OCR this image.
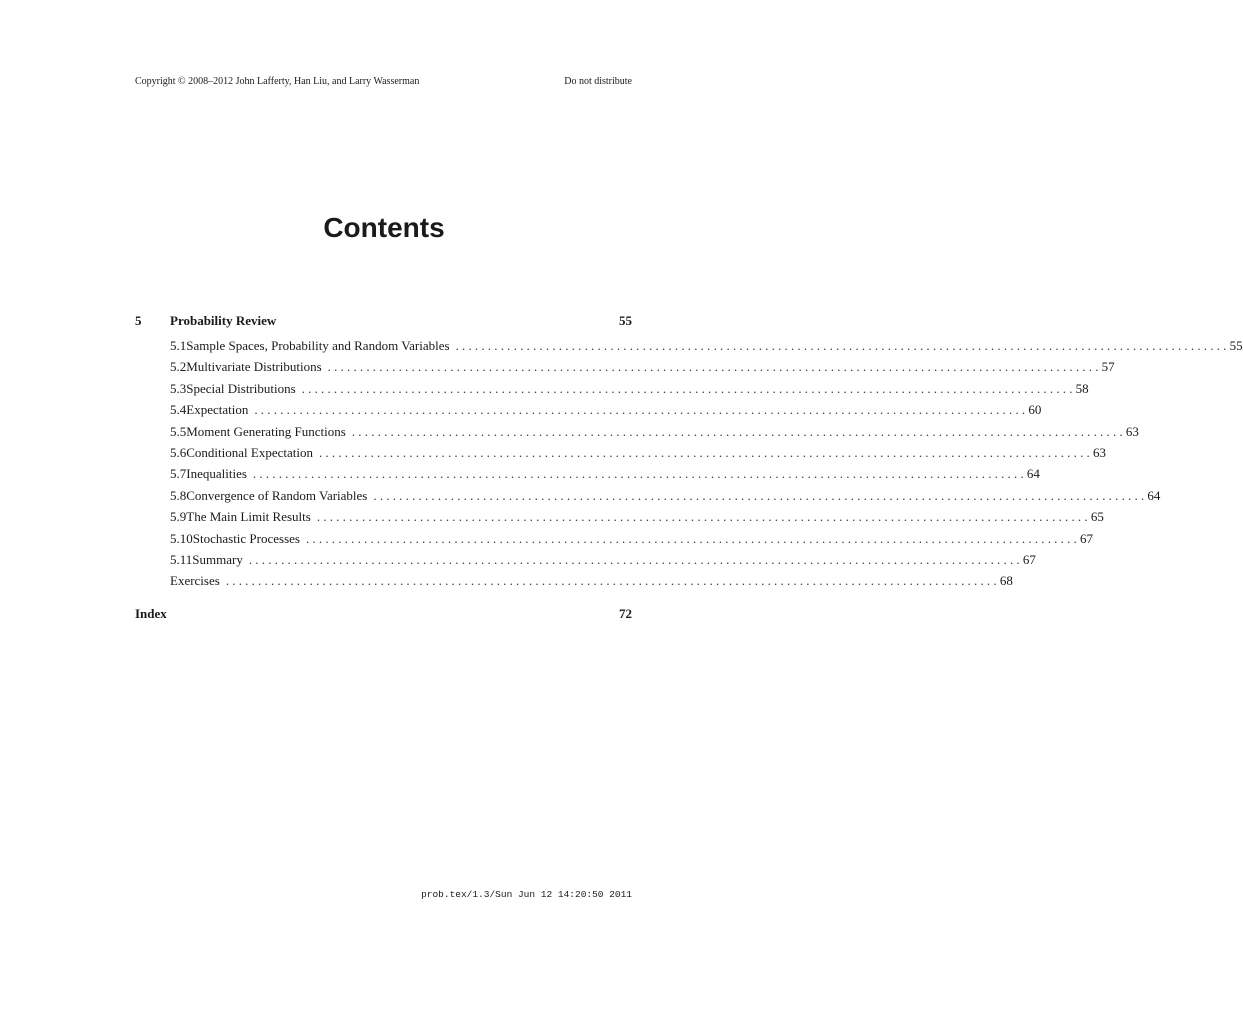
Copyright © 2008–2012 John Lafferty, Han Liu, and Larry Wasserman	Do not distribute
Contents
5	Probability Review	55
5.1 Sample Spaces, Probability and Random Variables ........................................................................................................................ 55
5.2 Multivariate Distributions ........................................................................................................................ 57
5.3 Special Distributions ........................................................................................................................ 58
5.4 Expectation ........................................................................................................................ 60
5.5 Moment Generating Functions ........................................................................................................................ 63
5.6 Conditional Expectation ........................................................................................................................ 63
5.7 Inequalities ........................................................................................................................ 64
5.8 Convergence of Random Variables ........................................................................................................................ 64
5.9 The Main Limit Results ........................................................................................................................ 65
5.10 Stochastic Processes ........................................................................................................................ 67
5.11 Summary ........................................................................................................................ 67
Exercises ........................................................................................................................ 68
Index	72
prob.tex/1.3/Sun Jun 12 14:20:50 2011
